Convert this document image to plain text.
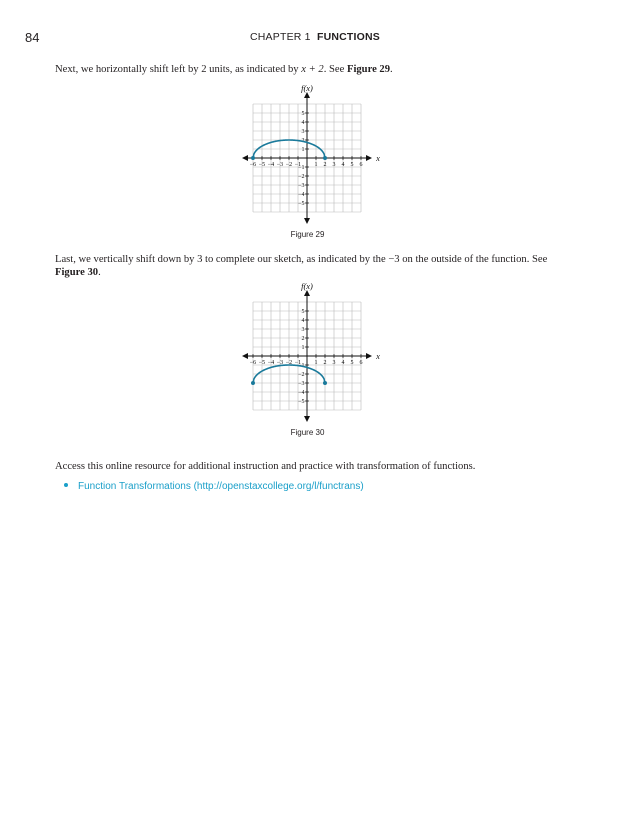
84	CHAPTER 1 FUNCTIONS
Next, we horizontally shift left by 2 units, as indicated by x + 2. See Figure 29.
f(x)
x
−6 −5 −4 −3 −2 −1 1 2 3 4 5 6
5
4
3
2
1
−1
−2
−3
−4
−5
Figure 29
Last, we vertically shift down by 3 to complete our sketch, as indicated by the −3 on the outside of the function. See Figure 30.
f(x)
x
−6 −5 −4 −3 −2 −1 1 2 3 4 5 6
5
4
3
2
1
−1
−2
−3
−4
−5
Figure 30
Access this online resource for additional instruction and practice with transformation of functions.
Function Transformations (http://openstaxcollege.org/l/functrans)
